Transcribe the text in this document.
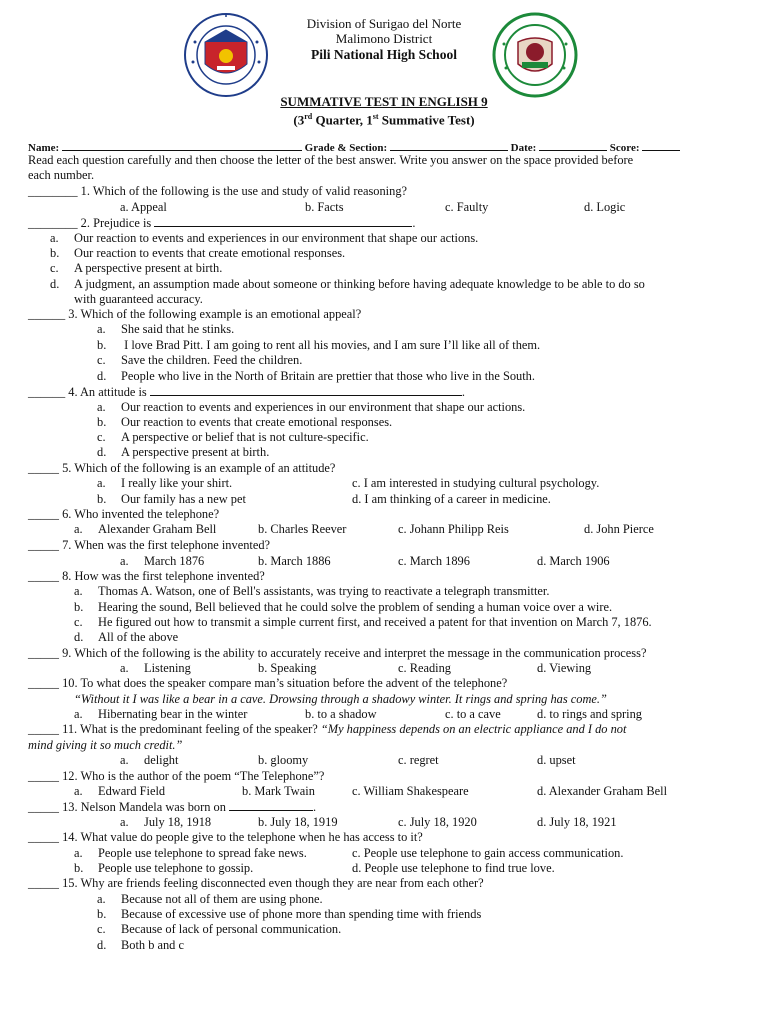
Division of Surigao del Norte
Malimono District
Pili National High School
SUMMATIVE TEST IN ENGLISH 9
(3rd Quarter, 1st Summative Test)
Name:	Grade & Section:	Date:	Score:
Read each question carefully and then choose the letter of the best answer. Write you answer on the space provided before
each number.
________ 1. Which of the following is the use and study of valid reasoning?
a. Appeal	b. Facts	c. Faulty	d. Logic
________ 2. Prejudice is	.
a. Our reaction to events and experiences in our environment that shape our actions.
b. Our reaction to events that create emotional responses.
c. A perspective present at birth.
d. A judgment, an assumption made about someone or thinking before having adequate knowledge to be able to do so
with guaranteed accuracy.
______ 3. Which of the following example is an emotional appeal?
a. She said that he stinks.
b. I love Brad Pitt. I am going to rent all his movies, and I am sure I’ll like all of them.
c. Save the children. Feed the children.
d. People who live in the North of Britain are prettier that those who live in the South.
______ 4. An attitude is	.
a. Our reaction to events and experiences in our environment that shape our actions.
b. Our reaction to events that create emotional responses.
c. A perspective or belief that is not culture-specific.
d. A perspective present at birth.
_____ 5. Which of the following is an example of an attitude?
a. I really like your shirt.	c. I am interested in studying cultural psychology.
b. Our family has a new pet	d. I am thinking of a career in medicine.
_____ 6. Who invented the telephone?
a. Alexander Graham Bell	b. Charles Reever	c. Johann Philipp Reis	d. John Pierce
_____ 7. When was the first telephone invented?
a. March 1876	b. March 1886	c. March 1896	d. March 1906
_____ 8. How was the first telephone invented?
a. Thomas A. Watson, one of Bell's assistants, was trying to reactivate a telegraph transmitter.
b. Hearing the sound, Bell believed that he could solve the problem of sending a human voice over a wire.
c. He figured out how to transmit a simple current first, and received a patent for that invention on March 7, 1876.
d. All of the above
_____ 9. Which of the following is the ability to accurately receive and interpret the message in the communication process?
a. Listening	b. Speaking	c. Reading	d. Viewing
_____ 10. To what does the speaker compare man’s situation before the advent of the telephone?
“Without it I was like a bear in a cave. Drowsing through a shadowy winter. It rings and spring has come.”
a. Hibernating bear in the winter	b. to a shadow	c. to a cave	d. to rings and spring
_____ 11. What is the predominant feeling of the speaker? “My happiness depends on an electric appliance and I do not
mind giving it so much credit.”
a. delight	b. gloomy	c. regret	d. upset
_____ 12. Who is the author of the poem “The Telephone”?
a. Edward Field	b. Mark Twain	c. William Shakespeare	d. Alexander Graham Bell
_____ 13. Nelson Mandela was born on	.
a. July 18, 1918	b. July 18, 1919	c. July 18, 1920	d. July 18, 1921
_____ 14. What value do people give to the telephone when he has access to it?
a. People use telephone to spread fake news.	c. People use telephone to gain access communication.
b. People use telephone to gossip.	d. People use telephone to find true love.
_____ 15. Why are friends feeling disconnected even though they are near from each other?
a. Because not all of them are using phone.
b. Because of excessive use of phone more than spending time with friends
c. Because of lack of personal communication.
d. Both b and c
